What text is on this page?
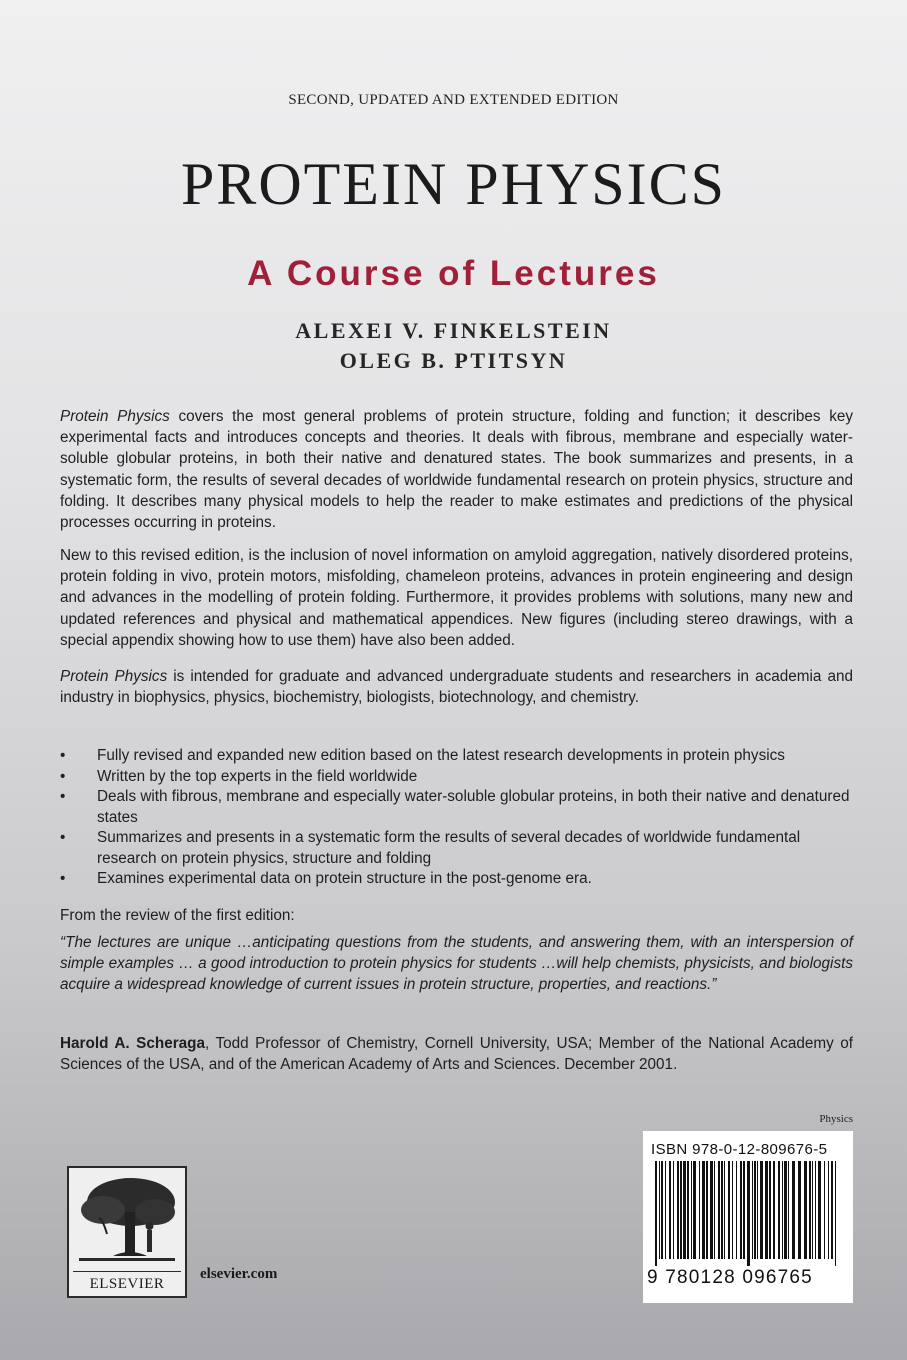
SECOND, UPDATED AND EXTENDED EDITION
PROTEIN PHYSICS
A Course of Lectures
ALEXEI V. FINKELSTEIN
OLEG B. PTITSYN
Protein Physics covers the most general problems of protein structure, folding and function; it describes key experimental facts and introduces concepts and theories. It deals with fibrous, membrane and especially water-soluble globular proteins, in both their native and denatured states. The book summarizes and presents, in a systematic form, the results of several decades of worldwide fundamental research on protein physics, structure and folding. It describes many physical models to help the reader to make estimates and predictions of the physical processes occurring in proteins.
New to this revised edition, is the inclusion of novel information on amyloid aggregation, natively disordered proteins, protein folding in vivo, protein motors, misfolding, chameleon proteins, advances in protein engineering and design and advances in the modelling of protein folding. Furthermore, it provides problems with solutions, many new and updated references and physical and mathematical appendices. New figures (including stereo drawings, with a special appendix showing how to use them) have also been added.
Protein Physics is intended for graduate and advanced undergraduate students and researchers in academia and industry in biophysics, physics, biochemistry, biologists, biotechnology, and chemistry.
• Fully revised and expanded new edition based on the latest research developments in protein physics
• Written by the top experts in the field worldwide
• Deals with fibrous, membrane and especially water-soluble globular proteins, in both their native and denatured states
• Summarizes and presents in a systematic form the results of several decades of worldwide fundamental research on protein physics, structure and folding
• Examines experimental data on protein structure in the post-genome era.
From the review of the first edition:
“The lectures are unique …anticipating questions from the students, and answering them, with an interspersion of simple examples … a good introduction to protein physics for students …will help chemists, physicists, and biologists acquire a widespread knowledge of current issues in protein structure, properties, and reactions.”
Harold A. Scheraga, Todd Professor of Chemistry, Cornell University, USA; Member of the National Academy of Sciences of the USA, and of the American Academy of Arts and Sciences. December 2001.
Physics
ISBN 978-0-12-809676-5
9 780128 096765
ELSEVIER
elsevier.com
